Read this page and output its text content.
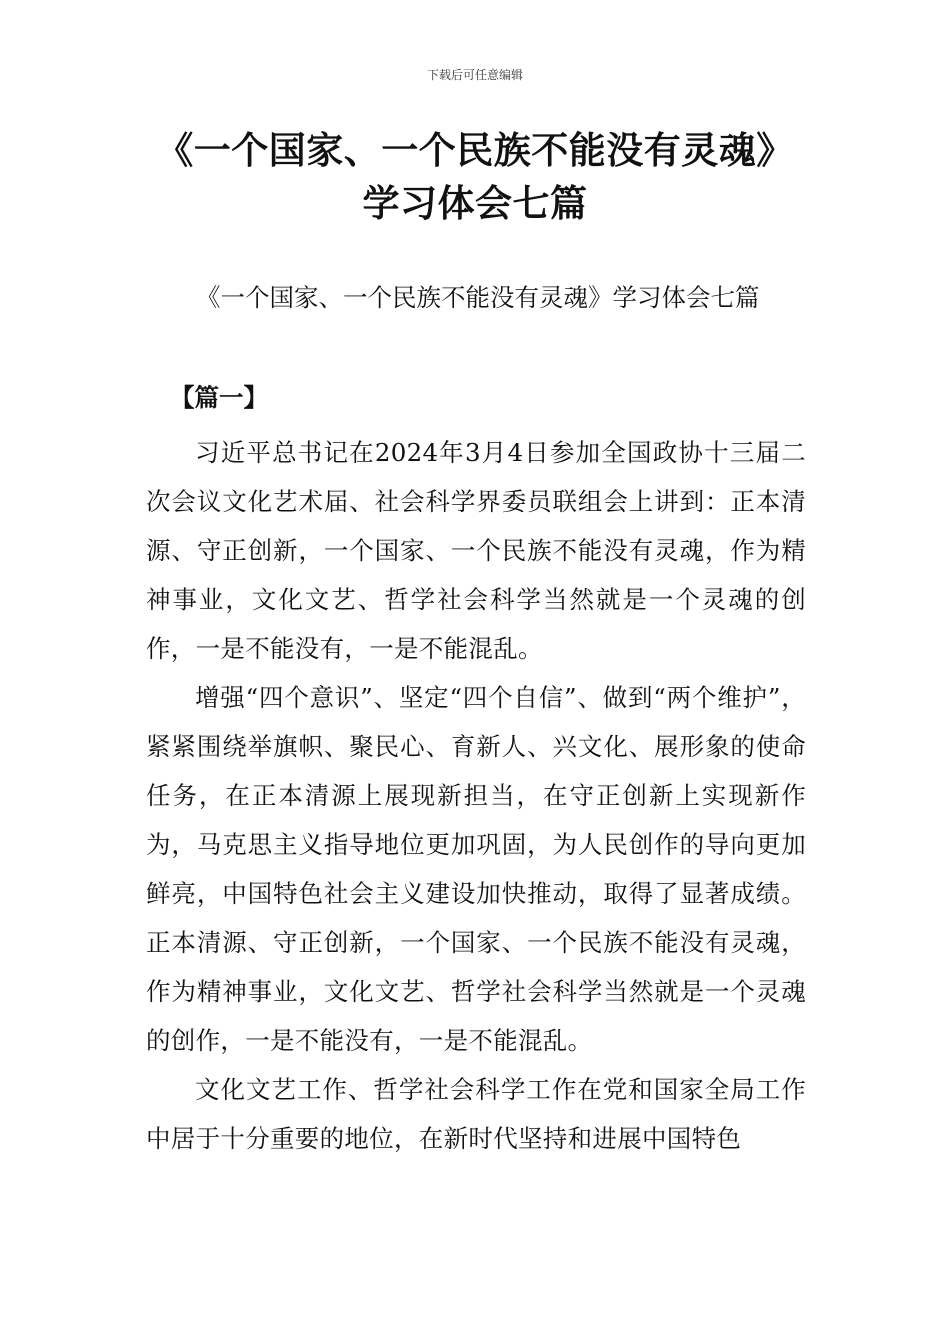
下载后可任意编辑
《一个国家、一个民族不能没有灵魂》学习体会七篇

《一个国家、一个民族不能没有灵魂》学习体会七篇

【篇一】

习近平总书记在2024年3月4日参加全国政协十三届二次会议文化艺术届、社会科学界委员联组会上讲到：正本清源、守正创新，一个国家、一个民族不能没有灵魂，作为精神事业，文化文艺、哲学社会科学当然就是一个灵魂的创作，一是不能没有，一是不能混乱。

增强“四个意识”、坚定“四个自信”、做到“两个维护”，紧紧围绕举旗帜、聚民心、育新人、兴文化、展形象的使命任务，在正本清源上展现新担当，在守正创新上实现新作为，马克思主义指导地位更加巩固，为人民创作的导向更加鲜亮，中国特色社会主义建设加快推动，取得了显著成绩。正本清源、守正创新，一个国家、一个民族不能没有灵魂，作为精神事业，文化文艺、哲学社会科学当然就是一个灵魂的创作，一是不能没有，一是不能混乱。

文化文艺工作、哲学社会科学工作在党和国家全局工作中居于十分重要的地位，在新时代坚持和进展中国特色
